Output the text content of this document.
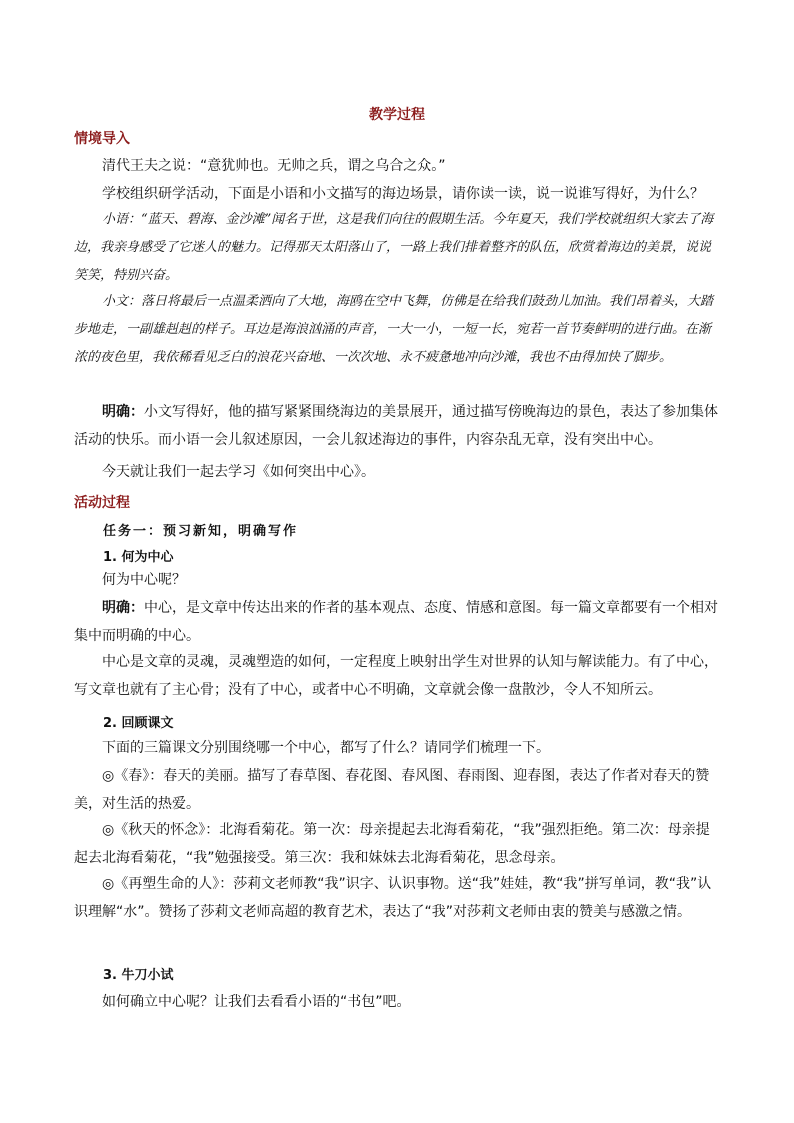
教学过程
情境导入

清代王夫之说：“意犹帅也。无帅之兵，谓之乌合之众。”

学校组织研学活动，下面是小语和小文描写的海边场景，请你读一读，说一说谁写得好，为什么？

小语：“蓝天、碧海、金沙滩”闻名于世，这是我们向往的假期生活。今年夏天，我们学校就组织大家去了海边，我亲身感受了它迷人的魅力。记得那天太阳落山了，一路上我们排着整齐的队伍，欣赏着海边的美景，说说笑笑，特别兴奋。

小文：落日将最后一点温柔洒向了大地，海鸥在空中飞舞，仿佛是在给我们鼓劲儿加油。我们昂着头，大踏步地走，一副雄赳赳的样子。耳边是海浪汹涌的声音，一大一小，一短一长，宛若一首节奏鲜明的进行曲。在渐浓的夜色里，我依稀看见乏白的浪花兴奋地、一次次地、永不疲惫地冲向沙滩，我也不由得加快了脚步。

明确：小文写得好，他的描写紧紧围绕海边的美景展开，通过描写傍晚海边的景色，表达了参加集体活动的快乐。而小语一会儿叙述原因，一会儿叙述海边的事件，内容杂乱无章，没有突出中心。

今天就让我们一起去学习《如何突出中心》。

活动过程
任务一：预习新知，明确写作
1. 何为中心

何为中心呢？

明确：中心，是文章中传达出来的作者的基本观点、态度、情感和意图。每一篇文章都要有一个相对集中而明确的中心。

中心是文章的灵魂，灵魂塑造的如何，一定程度上映射出学生对世界的认知与解读能力。有了中心，写文章也就有了主心骨；没有了中心，或者中心不明确，文章就会像一盘散沙，令人不知所云。

2. 回顾课文

下面的三篇课文分别围绕哪一个中心，都写了什么？请同学们梳理一下。

◎《春》：春天的美丽。描写了春草图、春花图、春风图、春雨图、迎春图，表达了作者对春天的赞美，对生活的热爱。

◎《秋天的怀念》：北海看菊花。第一次：母亲提起去北海看菊花，“我”强烈拒绝。第二次：母亲提起去北海看菊花，“我”勉强接受。第三次：我和妹妹去北海看菊花，思念母亲。

◎《再塑生命的人》：莎莉文老师教“我”识字、认识事物。送“我”娃娃，教“我”拼写单词，教“我”认识理解“水”。赞扬了莎莉文老师高超的教育艺术，表达了“我”对莎莉文老师由衷的赞美与感激之情。

3. 牛刀小试

如何确立中心呢？让我们去看看小语的“书包”吧。
